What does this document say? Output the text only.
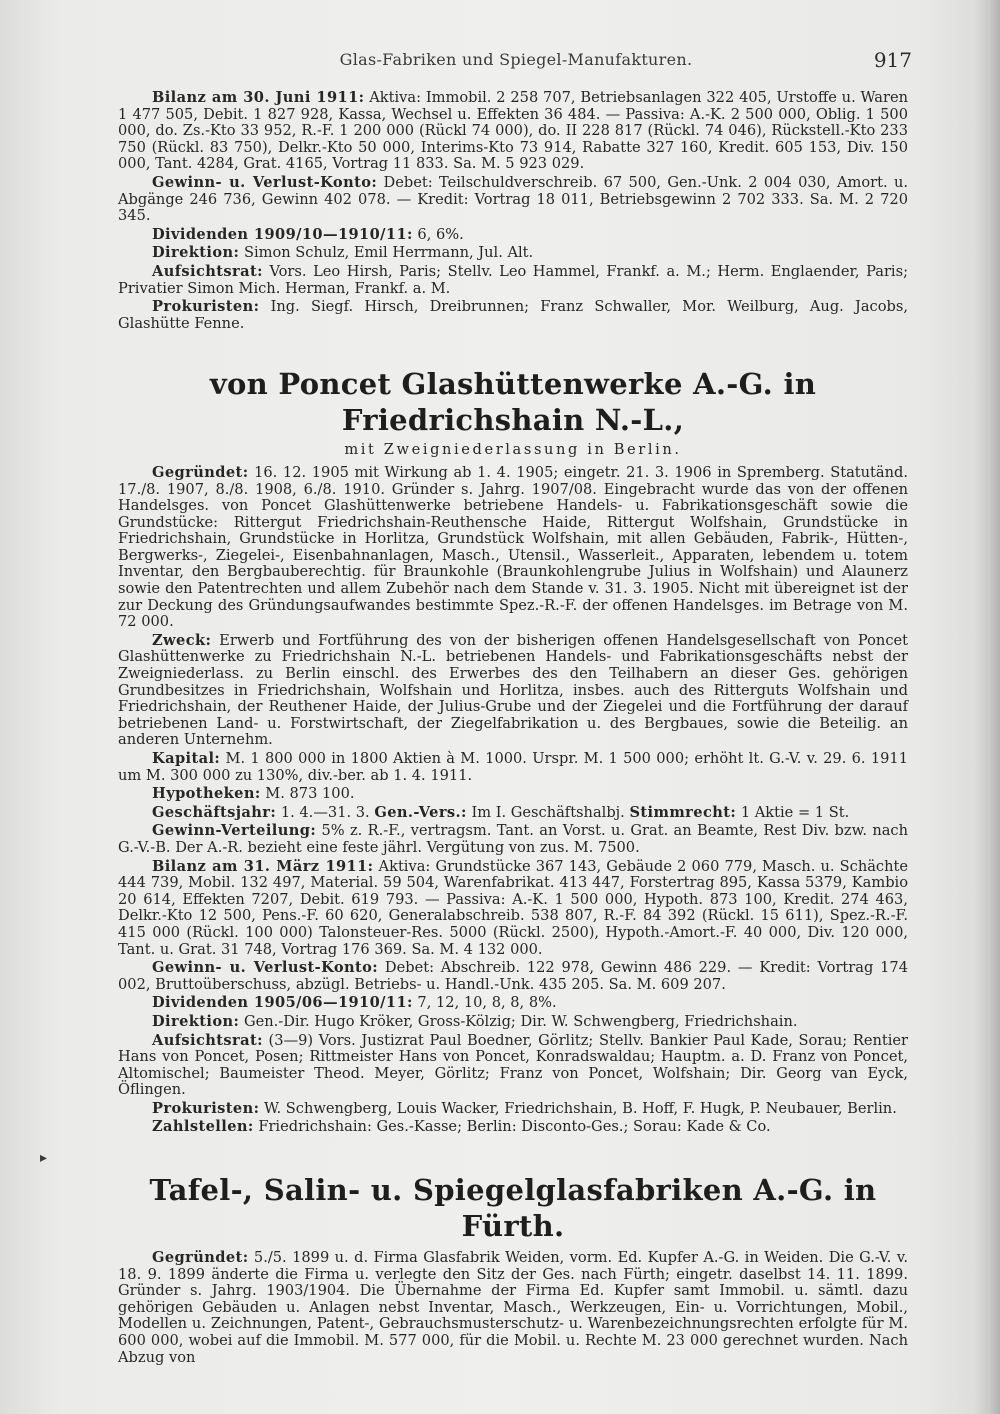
▸
Glas-Fabriken und Spiegel-Manufakturen.	917

Bilanz am 30. Juni 1911: Aktiva: Immobil. 2 258 707, Betriebsanlagen 322 405, Urstoffe u. Waren 1 477 505, Debit. 1 827 928, Kassa, Wechsel u. Effekten 36 484. — Passiva: A.-K. 2 500 000, Oblig. 1 500 000, do. Zs.-Kto 33 952, R.-F. 1 200 000 (Rückl 74 000), do. II 228 817 (Rückl. 74 046), Rückstell.-Kto 233 750 (Rückl. 83 750), Delkr.-Kto 50 000, Interims-Kto 73 914, Rabatte 327 160, Kredit. 605 153, Div. 150 000, Tant. 4284, Grat. 4165, Vortrag 11 833. Sa. M. 5 923 029.

Gewinn- u. Verlust-Konto: Debet: Teilschuldverschreib. 67 500, Gen.-Unk. 2 004 030, Amort. u. Abgänge 246 736, Gewinn 402 078. — Kredit: Vortrag 18 011, Betriebsgewinn 2 702 333. Sa. M. 2 720 345.

Dividenden 1909/10—1910/11: 6, 6%.

Direktion: Simon Schulz, Emil Herrmann, Jul. Alt.

Aufsichtsrat: Vors. Leo Hirsh, Paris; Stellv. Leo Hammel, Frankf. a. M.; Herm. Englaender, Paris; Privatier Simon Mich. Herman, Frankf. a. M.

Prokuristen: Ing. Siegf. Hirsch, Dreibrunnen; Franz Schwaller, Mor. Weilburg, Aug. Jacobs, Glashütte Fenne.

von Poncet Glashüttenwerke A.-G. in Friedrichshain N.-L.,
mit Zweigniederlassung in Berlin.

Gegründet: 16. 12. 1905 mit Wirkung ab 1. 4. 1905; eingetr. 21. 3. 1906 in Spremberg. Statutänd. 17./8. 1907, 8./8. 1908, 6./8. 1910. Gründer s. Jahrg. 1907/08. Eingebracht wurde das von der offenen Handelsges. von Poncet Glashüttenwerke betriebene Handels- u. Fabrikationsgeschäft sowie die Grundstücke: Rittergut Friedrichshain-Reuthensche Haide, Rittergut Wolfshain, Grundstücke in Friedrichshain, Grundstücke in Horlitza, Grundstück Wolfshain, mit allen Gebäuden, Fabrik-, Hütten-, Bergwerks-, Ziegelei-, Eisenbahnanlagen, Masch., Utensil., Wasserleit., Apparaten, lebendem u. totem Inventar, den Bergbauberechtig. für Braunkohle (Braunkohlengrube Julius in Wolfshain) und Alaunerz sowie den Patentrechten und allem Zubehör nach dem Stande v. 31. 3. 1905. Nicht mit übereignet ist der zur Deckung des Gründungsaufwandes bestimmte Spez.-R.-F. der offenen Handelsges. im Betrage von M. 72 000.

Zweck: Erwerb und Fortführung des von der bisherigen offenen Handelsgesellschaft von Poncet Glashüttenwerke zu Friedrichshain N.-L. betriebenen Handels- und Fabrikationsgeschäfts nebst der Zweigniederlass. zu Berlin einschl. des Erwerbes des den Teilhabern an dieser Ges. gehörigen Grundbesitzes in Friedrichshain, Wolfshain und Horlitza, insbes. auch des Ritterguts Wolfshain und Friedrichshain, der Reuthener Haide, der Julius-Grube und der Ziegelei und die Fortführung der darauf betriebenen Land- u. Forstwirtschaft, der Ziegelfabrikation u. des Bergbaues, sowie die Beteilig. an anderen Unternehm.

Kapital: M. 1 800 000 in 1800 Aktien à M. 1000. Urspr. M. 1 500 000; erhöht lt. G.-V. v. 29. 6. 1911 um M. 300 000 zu 130%, div.-ber. ab 1. 4. 1911.

Hypotheken: M. 873 100.

Geschäftsjahr: 1. 4.—31. 3. Gen.-Vers.: Im I. Geschäftshalbj. Stimmrecht: 1 Aktie = 1 St.

Gewinn-Verteilung: 5% z. R.-F., vertragsm. Tant. an Vorst. u. Grat. an Beamte, Rest Div. bzw. nach G.-V.-B. Der A.-R. bezieht eine feste jährl. Vergütung von zus. M. 7500.

Bilanz am 31. März 1911: Aktiva: Grundstücke 367 143, Gebäude 2 060 779, Masch. u. Schächte 444 739, Mobil. 132 497, Material. 59 504, Warenfabrikat. 413 447, Forstertrag 895, Kassa 5379, Kambio 20 614, Effekten 7207, Debit. 619 793. — Passiva: A.-K. 1 500 000, Hypoth. 873 100, Kredit. 274 463, Delkr.-Kto 12 500, Pens.-F. 60 620, Generalabschreib. 538 807, R.-F. 84 392 (Rückl. 15 611), Spez.-R.-F. 415 000 (Rückl. 100 000) Talonsteuer-Res. 5000 (Rückl. 2500), Hypoth.-Amort.-F. 40 000, Div. 120 000, Tant. u. Grat. 31 748, Vortrag 176 369. Sa. M. 4 132 000.

Gewinn- u. Verlust-Konto: Debet: Abschreib. 122 978, Gewinn 486 229. — Kredit: Vortrag 174 002, Bruttoüberschuss, abzügl. Betriebs- u. Handl.-Unk. 435 205. Sa. M. 609 207.

Dividenden 1905/06—1910/11: 7, 12, 10, 8, 8, 8%.

Direktion: Gen.-Dir. Hugo Kröker, Gross-Kölzig; Dir. W. Schwengberg, Friedrichshain.

Aufsichtsrat: (3—9) Vors. Justizrat Paul Boedner, Görlitz; Stellv. Bankier Paul Kade, Sorau; Rentier Hans von Poncet, Posen; Rittmeister Hans von Poncet, Konradswaldau; Hauptm. a. D. Franz von Poncet, Altomischel; Baumeister Theod. Meyer, Görlitz; Franz von Poncet, Wolfshain; Dir. Georg van Eyck, Öflingen.

Prokuristen: W. Schwengberg, Louis Wacker, Friedrichshain, B. Hoff, F. Hugk, P. Neubauer, Berlin.

Zahlstellen: Friedrichshain: Ges.-Kasse; Berlin: Disconto-Ges.; Sorau: Kade & Co.

Tafel-, Salin- u. Spiegelglasfabriken A.-G. in Fürth.

Gegründet: 5./5. 1899 u. d. Firma Glasfabrik Weiden, vorm. Ed. Kupfer A.-G. in Weiden. Die G.-V. v. 18. 9. 1899 änderte die Firma u. verlegte den Sitz der Ges. nach Fürth; eingetr. daselbst 14. 11. 1899. Gründer s. Jahrg. 1903/1904. Die Übernahme der Firma Ed. Kupfer samt Immobil. u. sämtl. dazu gehörigen Gebäuden u. Anlagen nebst Inventar, Masch., Werkzeugen, Ein- u. Vorrichtungen, Mobil., Modellen u. Zeichnungen, Patent-, Gebrauchsmusterschutz- u. Warenbezeichnungsrechten erfolgte für M. 600 000, wobei auf die Immobil. M. 577 000, für die Mobil. u. Rechte M. 23 000 gerechnet wurden. Nach Abzug von
